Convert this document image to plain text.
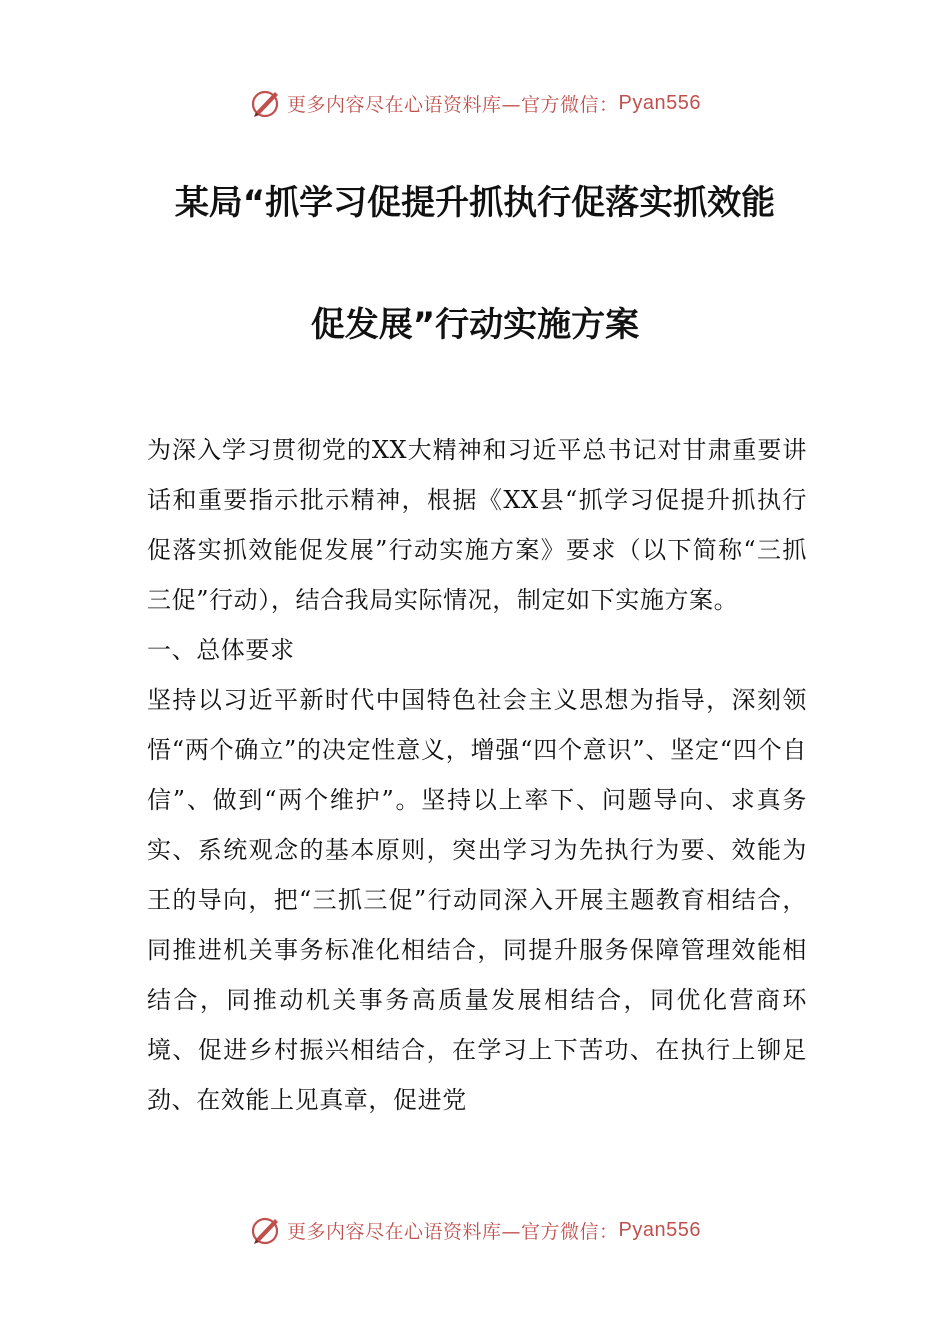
更多内容尽在心语资料库—官方微信： Pyan556
某局“抓学习促提升抓执行促落实抓效能
促发展”行动实施方案

为深入学习贯彻党的XX大精神和习近平总书记对甘肃重要讲话和重要指示批示精神，根据《XX县“抓学习促提升抓执行促落实抓效能促发展”行动实施方案》要求（以下简称“三抓三促”行动），结合我局实际情况，制定如下实施方案。

一、总体要求

坚持以习近平新时代中国特色社会主义思想为指导，深刻领悟“两个确立”的决定性意义，增强“四个意识”、坚定“四个自信”、做到“两个维护”。坚持以上率下、问题导向、求真务实、系统观念的基本原则，突出学习为先执行为要、效能为王的导向，把“三抓三促”行动同深入开展主题教育相结合，同推进机关事务标准化相结合，同提升服务保障管理效能相结合，同推动机关事务高质量发展相结合，同优化营商环境、促进乡村振兴相结合，在学习上下苦功、在执行上铆足劲、在效能上见真章，促进党

更多内容尽在心语资料库—官方微信： Pyan556
